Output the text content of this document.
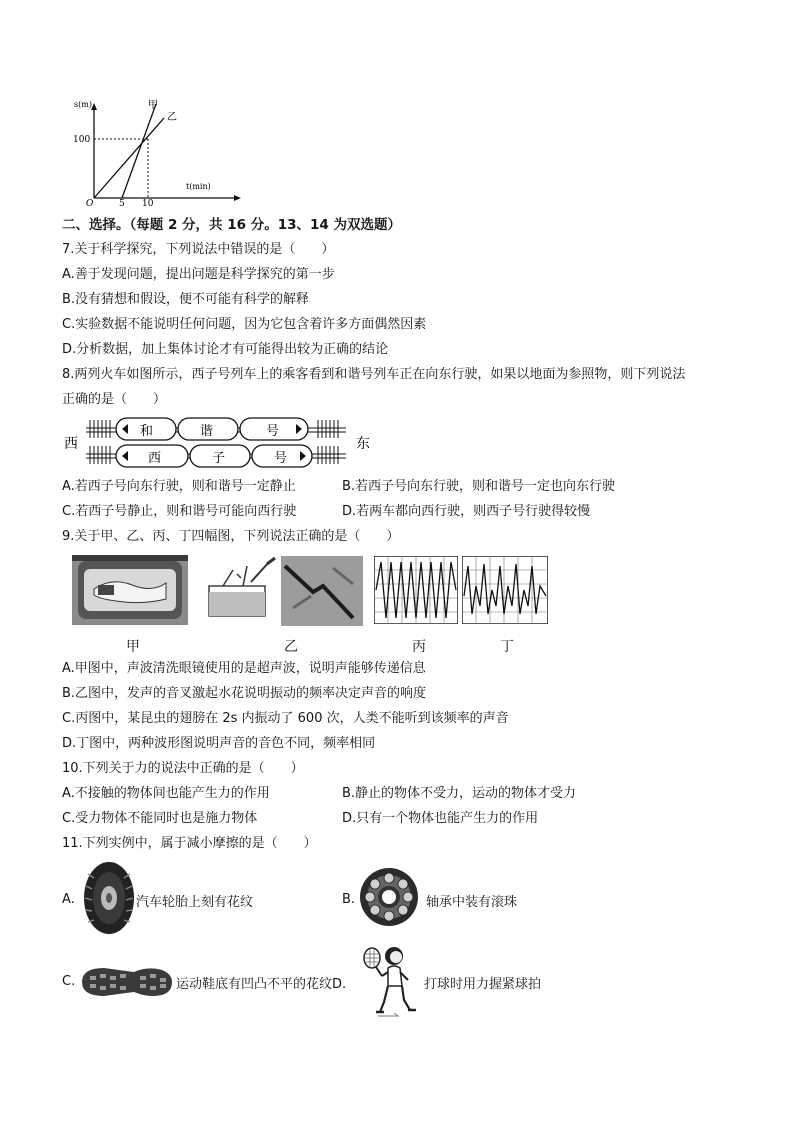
s(m)
t(min)
O
100
5 10
甲
乙
二、选择。（每题 2 分，共 16 分。13、14 为双选题）
7.关于科学探究，下列说法中错误的是（　　）
A.善于发现问题，提出问题是科学探究的第一步
B.没有猜想和假设，便不可能有科学的解释
C.实验数据不能说明任何问题，因为它包含着许多方面偶然因素
D.分析数据，加上集体讨论才有可能得出较为正确的结论
8.两列火车如图所示，西子号列车上的乘客看到和谐号列车正在向东行驶，如果以地面为参照物，则下列说法
正确的是（　　）
西	东
和	谐	号
西	子	号
A.若西子号向东行驶，则和谐号一定静止	B.若西子号向东行驶，则和谐号一定也向东行驶
C.若西子号静止，则和谐号可能向西行驶	D.若两车都向西行驶，则西子号行驶得较慢
9.关于甲、乙、丙、丁四幅图，下列说法正确的是（　　）
甲	乙	丙	丁
A.甲图中，声波清洗眼镜使用的是超声波，说明声能够传递信息
B.乙图中，发声的音叉激起水花说明振动的频率决定声音的响度
C.丙图中，某昆虫的翅膀在 2s 内振动了 600 次，人类不能听到该频率的声音
D.丁图中，两种波形图说明声音的音色不同，频率相同
10.下列关于力的说法中正确的是（　　）
A.不接触的物体间也能产生力的作用	B.静止的物体不受力，运动的物体才受力
C.受力物体不能同时也是施力物体	D.只有一个物体也能产生力的作用
11.下列实例中，属于减小摩擦的是（　　）
A.	汽车轮胎上刻有花纹	B.	轴承中装有滚珠
C.	运动鞋底有凹凸不平的花纹D.	打球时用力握紧球拍
